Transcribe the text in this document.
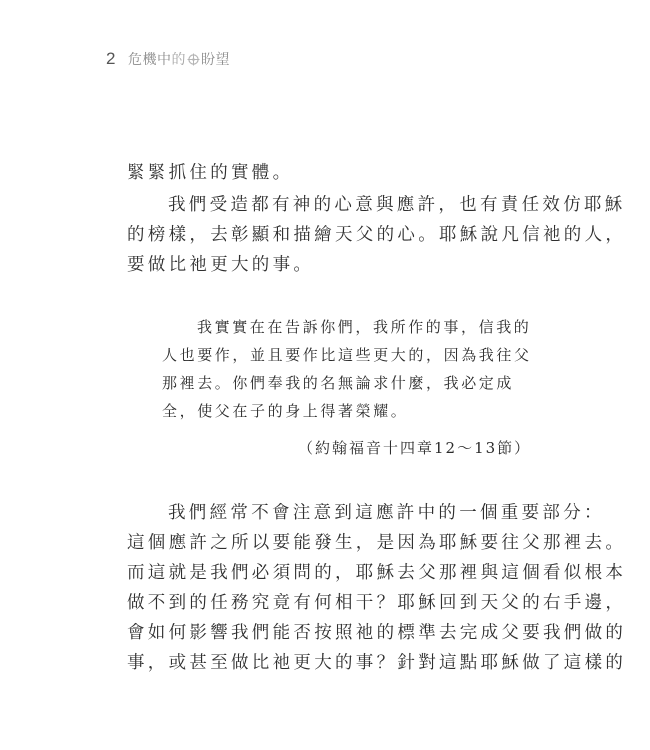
2 危機中 的 盼望

緊緊抓住的實體。

我們受造都有神的心意與應許，也有責任效仿耶穌
的榜樣，去彰顯和描繪天父的心。耶穌說凡信祂的人，
要做比祂更大的事。

我實實在在告訴你們，我所作的事，信我的
人也要作，並且要作比這些更大的，因為我往父
那裡去。你們奉我的名無論求什麼，我必定成
全，使父在子的身上得著榮耀。
（約翰福音十四章12～13節）

我們經常不會注意到這應許中的一個重要部分：
這個應許之所以要能發生，是因為耶穌要往父那裡去。
而這就是我們必須問的，耶穌去父那裡與這個看似根本
做不到的任務究竟有何相干？耶穌回到天父的右手邊，
會如何影響我們能否按照祂的標準去完成父要我們做的
事，或甚至做比祂更大的事？針對這點耶穌做了這樣的
